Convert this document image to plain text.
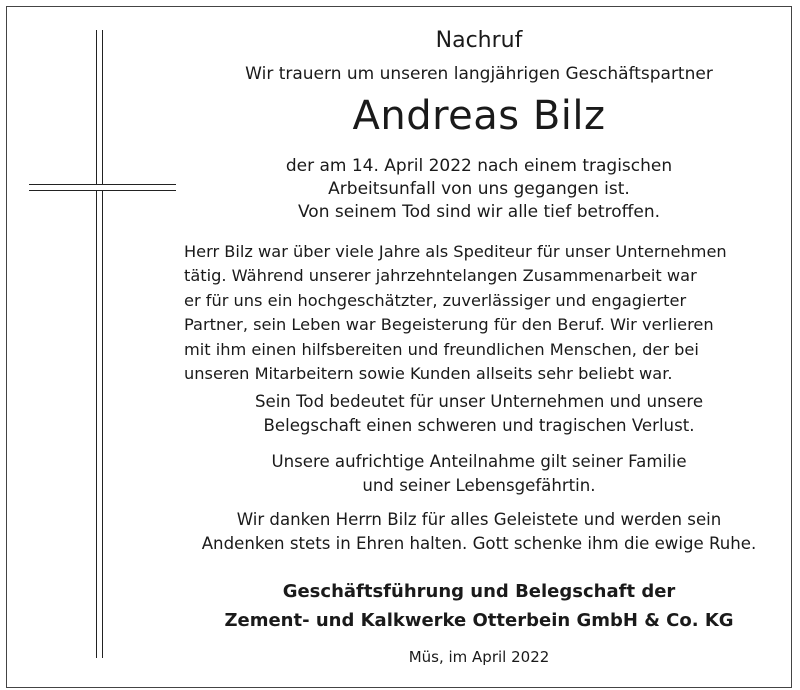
Nachruf
Wir trauern um unseren langjährigen Geschäftspartner
Andreas Bilz
der am 14. April 2022 nach einem tragischen
Arbeitsunfall von uns gegangen ist.
Von seinem Tod sind wir alle tief betroffen.
Herr Bilz war über viele Jahre als Spediteur für unser Unternehmen
tätig. Während unserer jahrzehntelangen Zusammenarbeit war
er für uns ein hochgeschätzter, zuverlässiger und engagierter
Partner, sein Leben war Begeisterung für den Beruf. Wir verlieren
mit ihm einen hilfsbereiten und freundlichen Menschen, der bei
unseren Mitarbeitern sowie Kunden allseits sehr beliebt war.
Sein Tod bedeutet für unser Unternehmen und unsere
Belegschaft einen schweren und tragischen Verlust.
Unsere aufrichtige Anteilnahme gilt seiner Familie
und seiner Lebensgefährtin.
Wir danken Herrn Bilz für alles Geleistete und werden sein
Andenken stets in Ehren halten. Gott schenke ihm die ewige Ruhe.
Geschäftsführung und Belegschaft der
Zement- und Kalkwerke Otterbein GmbH & Co. KG
Müs, im April 2022
